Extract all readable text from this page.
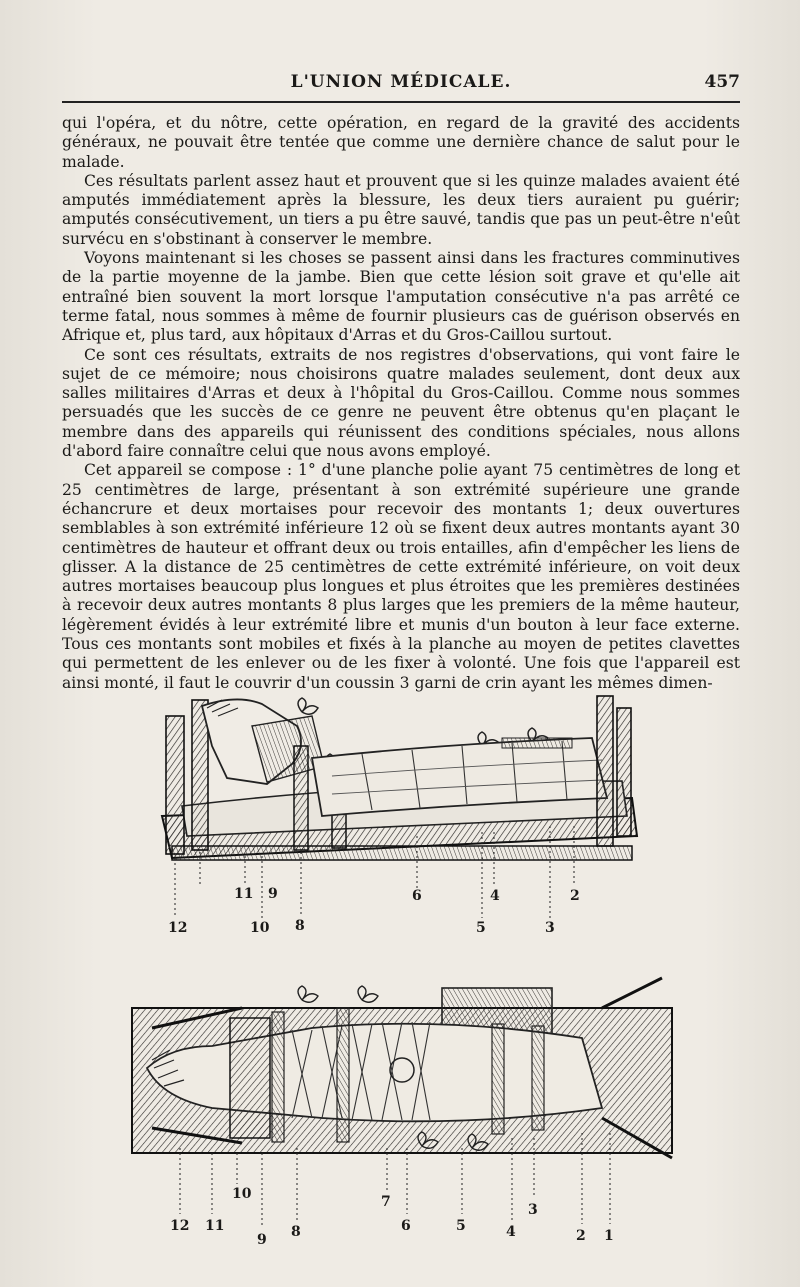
L'UNION MÉDICALE.	457

qui l'opéra, et du nôtre, cette opération, en regard de la gravité des accidents généraux, ne pouvait être tentée que comme une dernière chance de salut pour le malade.

Ces résultats parlent assez haut et prouvent que si les quinze malades avaient été amputés immédiatement après la blessure, les deux tiers auraient pu guérir; amputés consécutivement, un tiers a pu être sauvé, tandis que pas un peut-être n'eût survécu en s'obstinant à conserver le membre.

Voyons maintenant si les choses se passent ainsi dans les fractures comminutives de la partie moyenne de la jambe. Bien que cette lésion soit grave et qu'elle ait entraîné bien souvent la mort lorsque l'amputation consécutive n'a pas arrêté ce terme fatal, nous sommes à même de fournir plusieurs cas de guérison observés en Afrique et, plus tard, aux hôpitaux d'Arras et du Gros-Caillou surtout.

Ce sont ces résultats, extraits de nos registres d'observations, qui vont faire le sujet de ce mémoire; nous choisirons quatre malades seulement, dont deux aux salles militaires d'Arras et deux à l'hôpital du Gros-Caillou. Comme nous sommes persuadés que les succès de ce genre ne peuvent être obtenus qu'en plaçant le membre dans des appareils qui réunissent des conditions spéciales, nous allons d'abord faire connaître celui que nous avons employé.

Cet appareil se compose : 1° d'une planche polie ayant 75 centimètres de long et 25 centimètres de large, présentant à son extrémité supérieure une grande échancrure et deux mortaises pour recevoir des montants 1; deux ouvertures semblables à son extrémité inférieure 12 où se fixent deux autres montants ayant 30 centimètres de hauteur et offrant deux ou trois entailles, afin d'empêcher les liens de glisser. A la distance de 25 centimètres de cette extrémité inférieure, on voit deux autres mortaises beaucoup plus longues et plus étroites que les premières destinées à recevoir deux autres montants 8 plus larges que les premiers de la même hauteur, légèrement évidés à leur extrémité libre et munis d'un bouton à leur face externe. Tous ces montants sont mobiles et fixés à la planche au moyen de petites clavettes qui permettent de les enlever ou de les fixer à volonté. Une fois que l'appareil est ainsi monté, il faut le couvrir d'un coussin 3 garni de crin ayant les mêmes dimen-

12
11 9
10 8
6
5
4
3
2
10
12 11
9 8
7
6	5	4
3
2 1
